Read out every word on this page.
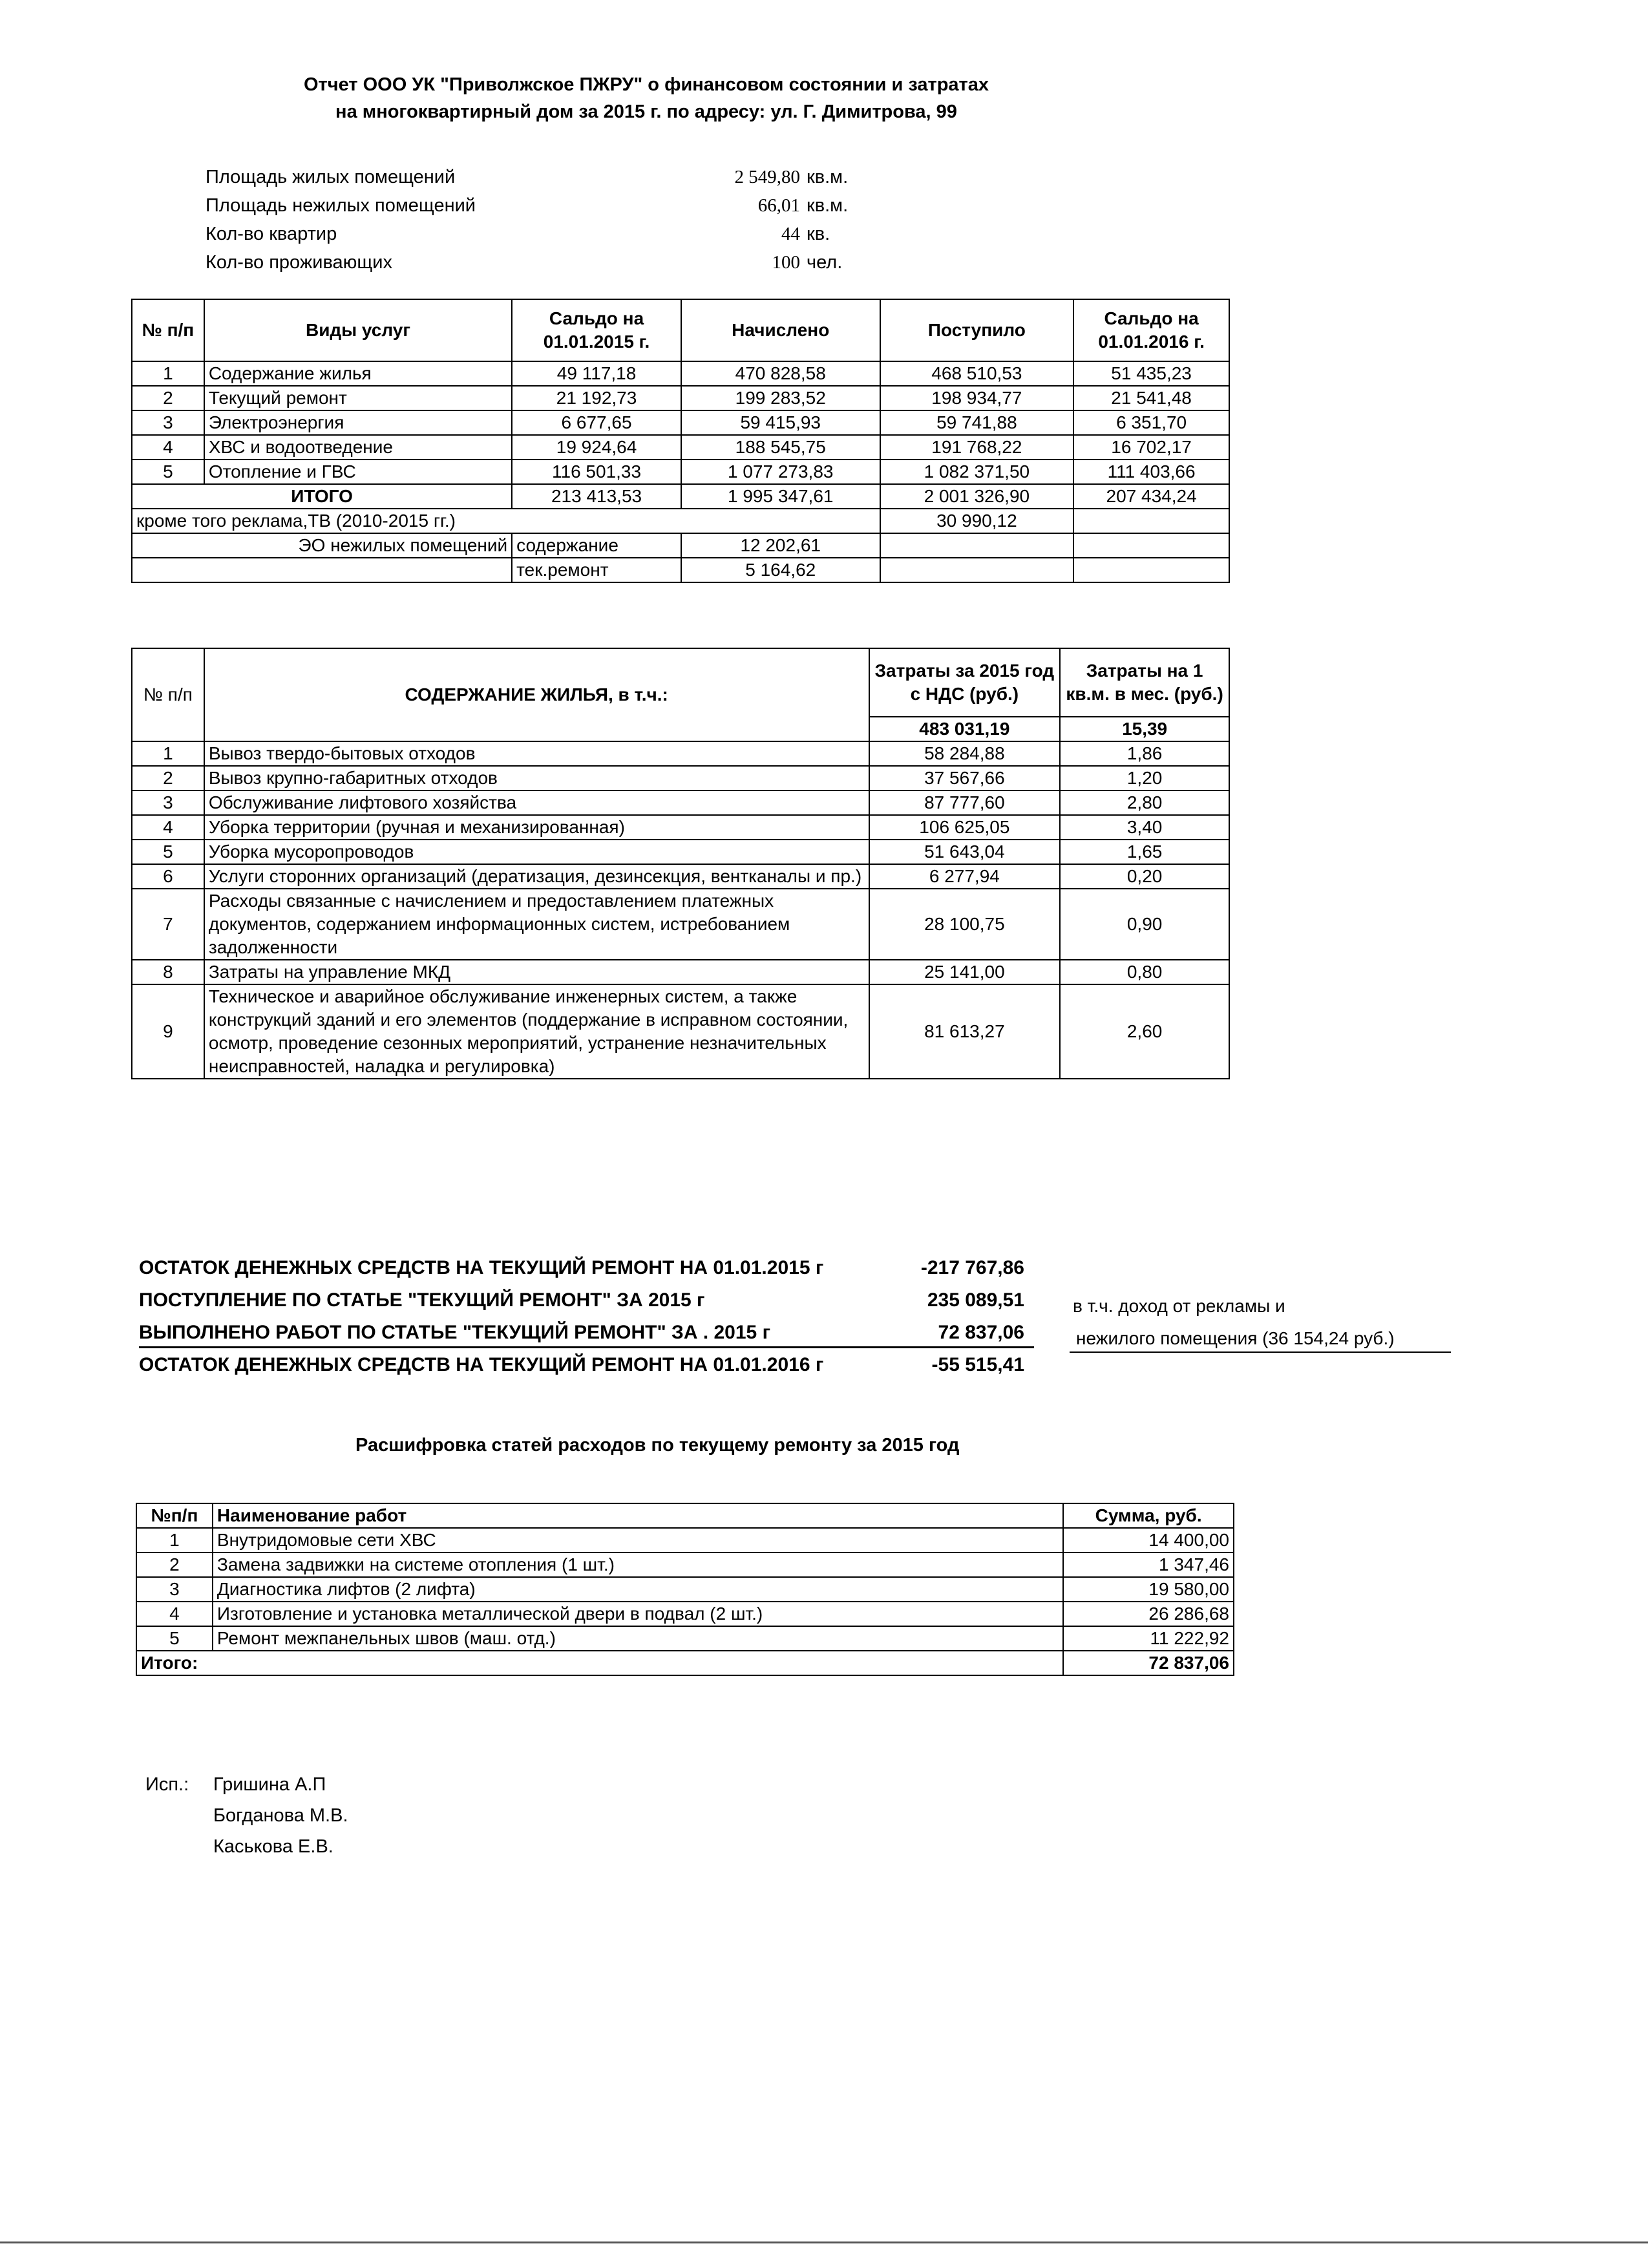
Отчет ООО УК "Приволжское ПЖРУ" о финансовом состоянии и затратах
на многоквартирный дом за 2015 г. по адресу: ул. Г. Димитрова, 99
Площадь жилых помещений	2 549,80 кв.м.
Площадь нежилых помещений	66,01 кв.м.
Кол-во квартир	44 кв.
Кол-во проживающих	100 чел.
№ п/п	Виды услуг	Сальдо на 01.01.2015 г.	Начислено	Поступило	Сальдо на 01.01.2016 г.
1	Содержание жилья	49 117,18	470 828,58	468 510,53	51 435,23
2	Текущий ремонт	21 192,73	199 283,52	198 934,77	21 541,48
3	Электроэнергия	6 677,65	59 415,93	59 741,88	6 351,70
4	ХВС и водоотведение	19 924,64	188 545,75	191 768,22	16 702,17
5	Отопление и ГВС	116 501,33	1 077 273,83	1 082 371,50	111 403,66
ИТОГО		213 413,53	1 995 347,61	2 001 326,90	207 434,24
кроме того реклама,ТВ (2010-2015 гг.)				30 990,12	
ЭО нежилых помещений		содержание	12 202,61		
		тек.ремонт	5 164,62		
№ п/п	СОДЕРЖАНИЕ ЖИЛЬЯ, в т.ч.:	Затраты за 2015 год с НДС (руб.)	Затраты на 1 кв.м. в мес. (руб.)
		483 031,19	15,39
1	Вывоз твердо-бытовых отходов	58 284,88	1,86
2	Вывоз крупно-габаритных отходов	37 567,66	1,20
3	Обслуживание лифтового хозяйства	87 777,60	2,80
4	Уборка территории (ручная и механизированная)	106 625,05	3,40
5	Уборка мусоропроводов	51 643,04	1,65
6	Услуги сторонних организаций (дератизация, дезинсекция, вентканалы и пр.)	6 277,94	0,20
7	Расходы связанные с начислением и предоставлением платежных документов, содержанием информационных систем, истребованием задолженности	28 100,75	0,90
8	Затраты на управление МКД	25 141,00	0,80
9	Техническое и аварийное обслуживание инженерных систем, а также конструкций зданий и его элементов (поддержание в исправном состоянии, осмотр, проведение сезонных мероприятий, устранение незначительных неисправностей, наладка и регулировка)	81 613,27	2,60
ОСТАТОК ДЕНЕЖНЫХ СРЕДСТВ НА ТЕКУЩИЙ РЕМОНТ НА 01.01.2015 г	-217 767,86
ПОСТУПЛЕНИЕ ПО СТАТЬЕ "ТЕКУЩИЙ РЕМОНТ" ЗА 2015 г	235 089,51
ВЫПОЛНЕНО РАБОТ ПО СТАТЬЕ "ТЕКУЩИЙ РЕМОНТ" ЗА . 2015 г	72 837,06
ОСТАТОК ДЕНЕЖНЫХ СРЕДСТВ НА ТЕКУЩИЙ РЕМОНТ НА 01.01.2016 г	-55 515,41
в т.ч. доход от рекламы и
нежилого помещения (36 154,24 руб.)
Расшифровка статей расходов по текущему ремонту за 2015 год
№п/п	Наименование работ	Сумма, руб.
1	Внутридомовые сети ХВС	14 400,00
2	Замена задвижки на системе отопления (1 шт.)	1 347,46
3	Диагностика лифтов (2 лифта)	19 580,00
4	Изготовление и установка металлической двери в подвал (2 шт.)	26 286,68
5	Ремонт межпанельных швов (маш. отд.)	11 222,92
Итого:		72 837,06
Исп.: Гришина А.П
Богданова М.В.
Каськова Е.В.
